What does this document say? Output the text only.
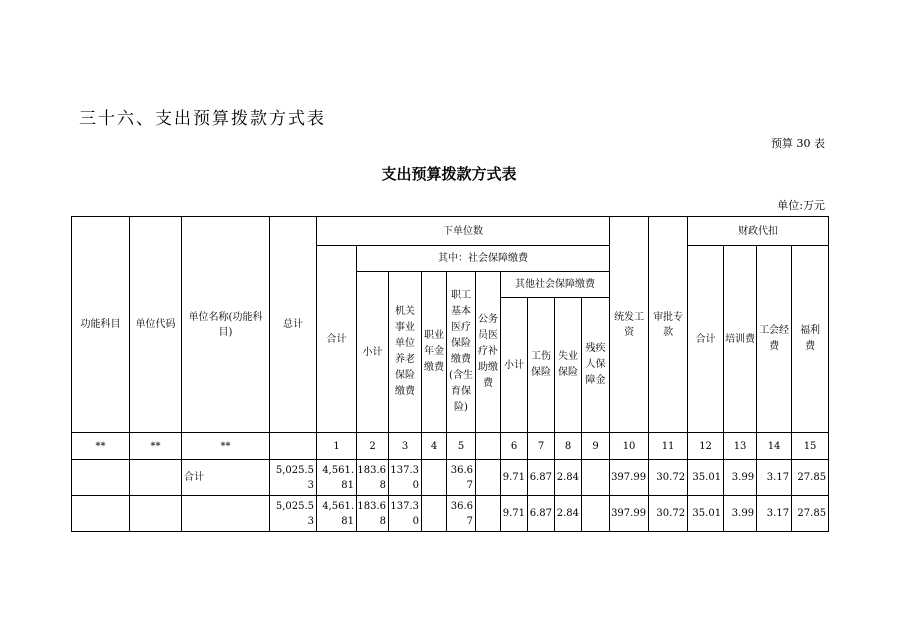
三十六、支出预算拨款方式表
预算 30 表
支出预算拨款方式表
单位:万元
功能科目	单位代码	单位名称(功能科目)	总计	下单位数										统发工资	审批专款	财政代扣			
				合计	其中：社会保障缴费											合计	培训费	工会经费	福利费
					小计	机关事业单位养老保险缴费	职业年金缴费	职工基本医疗保险缴费(含生育保险)	公务员医疗补助缴费	其他社会保障缴费									
										小计	工伤保险	失业保险	残疾人保障金						
**	**	**		1	2	3	4	5		6	7	8	9	10	11	12	13	14	15
		合计	5,025.53	4,561.81	183.68	137.30		36.67		9.71	6.87	2.84		397.99	30.72	35.01	3.99	3.17	27.85
			5,025.53	4,561.81	183.68	137.30		36.67		9.71	6.87	2.84		397.99	30.72	35.01	3.99	3.17	27.85
